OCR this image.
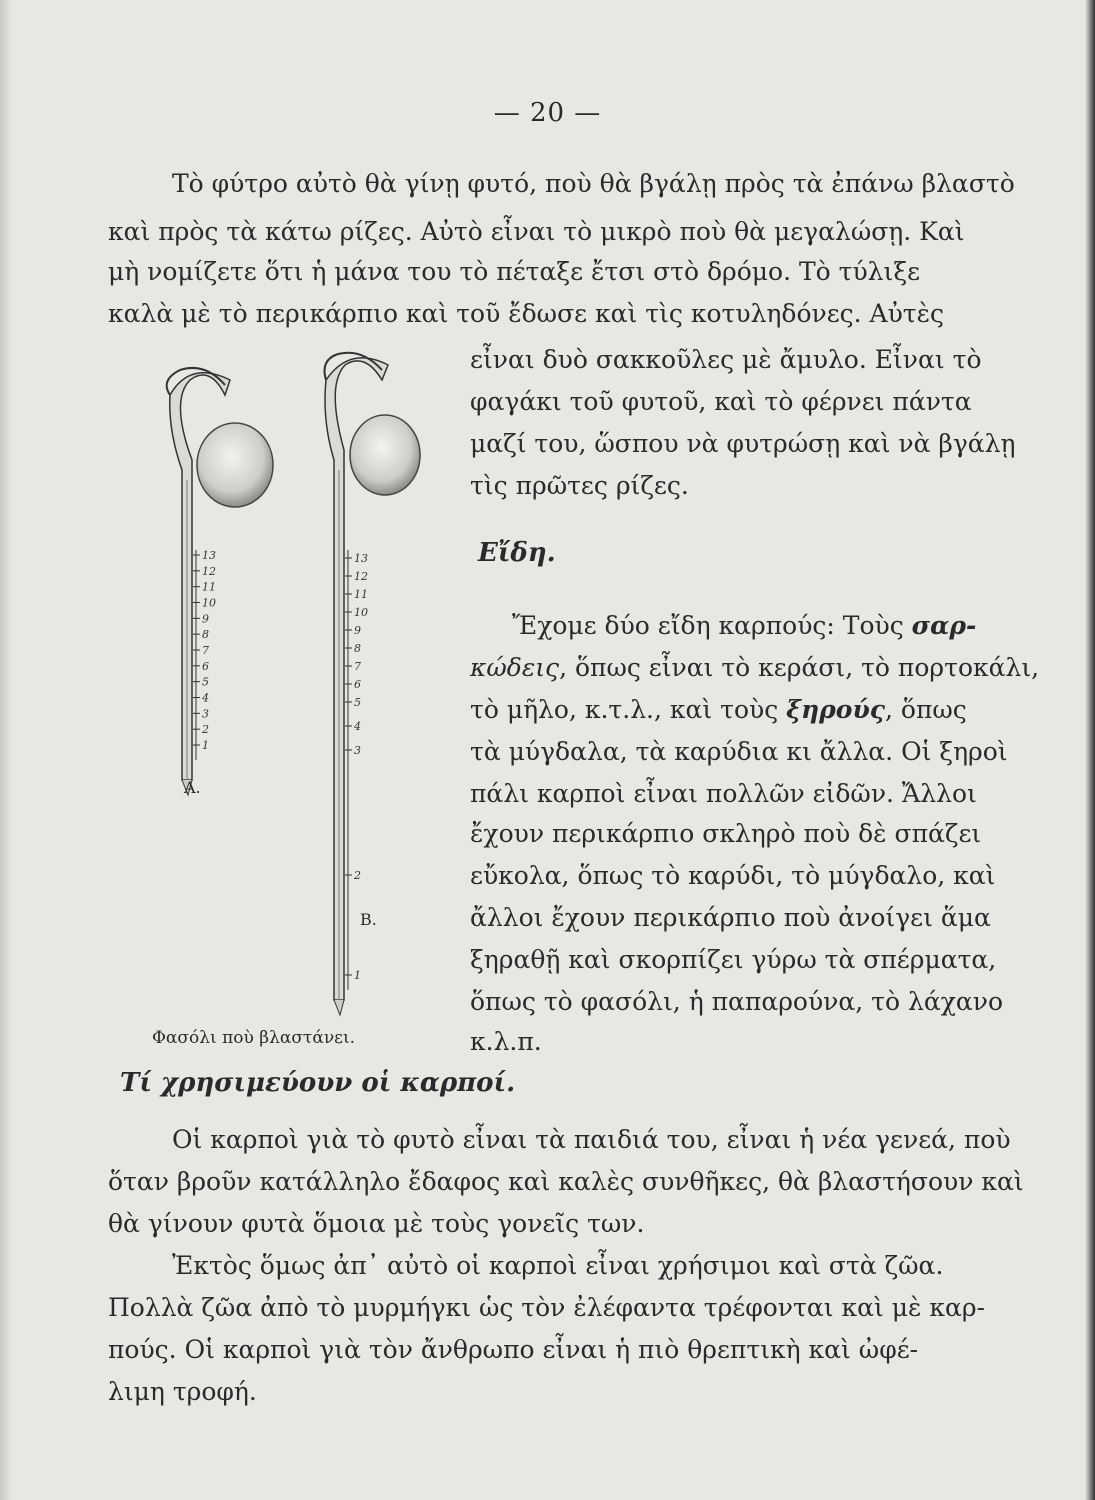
— 20 —
Τὸ φύτρο αὐτὸ θὰ γίνῃ φυτό, ποὺ θὰ βγάλῃ πρὸς τὰ ἐπάνω βλαστὸ
καὶ πρὸς τὰ κάτω ρίζες. Αὐτὸ εἶναι τὸ μικρὸ ποὺ θὰ μεγαλώσῃ. Καὶ
μὴ νομίζετε ὅτι ἡ μάνα του τὸ πέταξε ἔτσι στὸ δρόμο. Τὸ τύλιξε
καλὰ μὲ τὸ περικάρπιο καὶ τοῦ ἔδωσε καὶ τὶς κοτυληδόνες. Αὐτὲς
εἶναι δυὸ σακκοῦλες μὲ ἄμυλο. Εἶναι τὸ
φαγάκι τοῦ φυτοῦ, καὶ τὸ φέρνει πάντα
μαζί του, ὥσπου νὰ φυτρώσῃ καὶ νὰ βγάλῃ
τὶς πρῶτες ρίζες.
Εἴδη.
Ἔχομε δύο εἴδη καρπούς: Τοὺς σαρ-
κώδεις, ὅπως εἶναι τὸ κεράσι, τὸ πορτοκάλι,
τὸ μῆλο, κ.τ.λ., καὶ τοὺς ξηρούς, ὅπως
τὰ μύγδαλα, τὰ καρύδια κι ἄλλα. Οἱ ξηροὶ
πάλι καρποὶ εἶναι πολλῶν εἰδῶν. Ἄλλοι
ἔχουν περικάρπιο σκληρὸ ποὺ δὲ σπάζει
εὔκολα, ὅπως τὸ καρύδι, τὸ μύγδαλο, καὶ
ἄλλοι ἔχουν περικάρπιο ποὺ ἀνοίγει ἅμα
ξηραθῇ καὶ σκορπίζει γύρω τὰ σπέρματα,
ὅπως τὸ φασόλι, ἡ παπαρούνα, τὸ λάχανο
κ.λ.π.
13
12
11
10
9
8
7
6
5
4
3
2
1
13
12
11
10
9
8
7
6
5
4
3
2
1
A.
B.
Φασόλι ποὺ βλαστάνει.
Τί χρησιμεύουν οἱ καρποί.
Οἱ καρποὶ γιὰ τὸ φυτὸ εἶναι τὰ παιδιά του, εἶναι ἡ νέα γενεά, ποὺ
ὅταν βροῦν κατάλληλο ἔδαφος καὶ καλὲς συνθῆκες, θὰ βλαστήσουν καὶ
θὰ γίνουν φυτὰ ὅμοια μὲ τοὺς γονεῖς των.
Ἐκτὸς ὅμως ἀπ᾽ αὐτὸ οἱ καρποὶ εἶναι χρήσιμοι καὶ στὰ ζῶα.
Πολλὰ ζῶα ἀπὸ τὸ μυρμήγκι ὡς τὸν ἐλέφαντα τρέφονται καὶ μὲ καρ-
πούς. Οἱ καρποὶ γιὰ τὸν ἄνθρωπο εἶναι ἡ πιὸ θρεπτικὴ καὶ ὠφέ-
λιμη τροφή.
